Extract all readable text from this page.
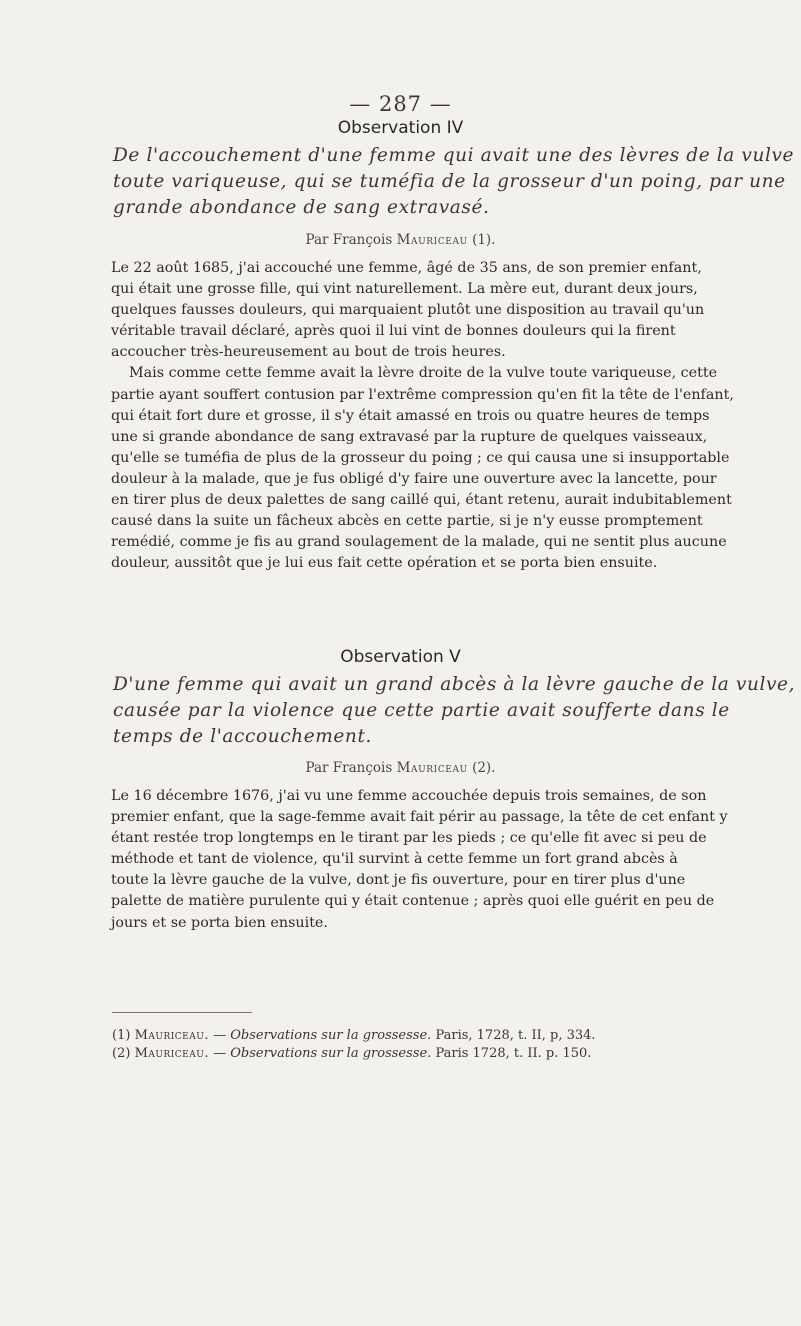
— 287 —
Observation IV
De l'accouchement d'une femme qui avait une des lèvres de la vulve
toute variqueuse, qui se tuméfia de la grosseur d'un poing, par une
grande abondance de sang extravasé.
Par François Mauriceau (1).
Le 22 août 1685, j'ai accouché une femme, âgé de 35 ans, de son premier enfant,
qui était une grosse fille, qui vint naturellement. La mère eut, durant deux jours,
quelques fausses douleurs, qui marquaient plutôt une disposition au travail qu'un
véritable travail déclaré, après quoi il lui vint de bonnes douleurs qui la firent
accoucher très-heureusement au bout de trois heures.
Mais comme cette femme avait la lèvre droite de la vulve toute variqueuse, cette
partie ayant souffert contusion par l'extrême compression qu'en fit la tête de l'enfant,
qui était fort dure et grosse, il s'y était amassé en trois ou quatre heures de temps
une si grande abondance de sang extravasé par la rupture de quelques vaisseaux,
qu'elle se tuméfia de plus de la grosseur du poing ; ce qui causa une si insupportable
douleur à la malade, que je fus obligé d'y faire une ouverture avec la lancette, pour
en tirer plus de deux palettes de sang caillé qui, étant retenu, aurait indubitablement
causé dans la suite un fâcheux abcès en cette partie, si je n'y eusse promptement
remédié, comme je fis au grand soulagement de la malade, qui ne sentit plus aucune
douleur, aussitôt que je lui eus fait cette opération et se porta bien ensuite.
Observation V
D'une femme qui avait un grand abcès à la lèvre gauche de la vulve,
causée par la violence que cette partie avait soufferte dans le
temps de l'accouchement.
Par François Mauriceau (2).
Le 16 décembre 1676, j'ai vu une femme accouchée depuis trois semaines, de son
premier enfant, que la sage-femme avait fait périr au passage, la tête de cet enfant y
étant restée trop longtemps en le tirant par les pieds ; ce qu'elle fit avec si peu de
méthode et tant de violence, qu'il survint à cette femme un fort grand abcès à
toute la lèvre gauche de la vulve, dont je fis ouverture, pour en tirer plus d'une
palette de matière purulente qui y était contenue ; après quoi elle guérit en peu de
jours et se porta bien ensuite.
(1) Mauriceau. — Observations sur la grossesse. Paris, 1728, t. II, p, 334.
(2) Mauriceau. — Observations sur la grossesse. Paris 1728, t. II. p. 150.
